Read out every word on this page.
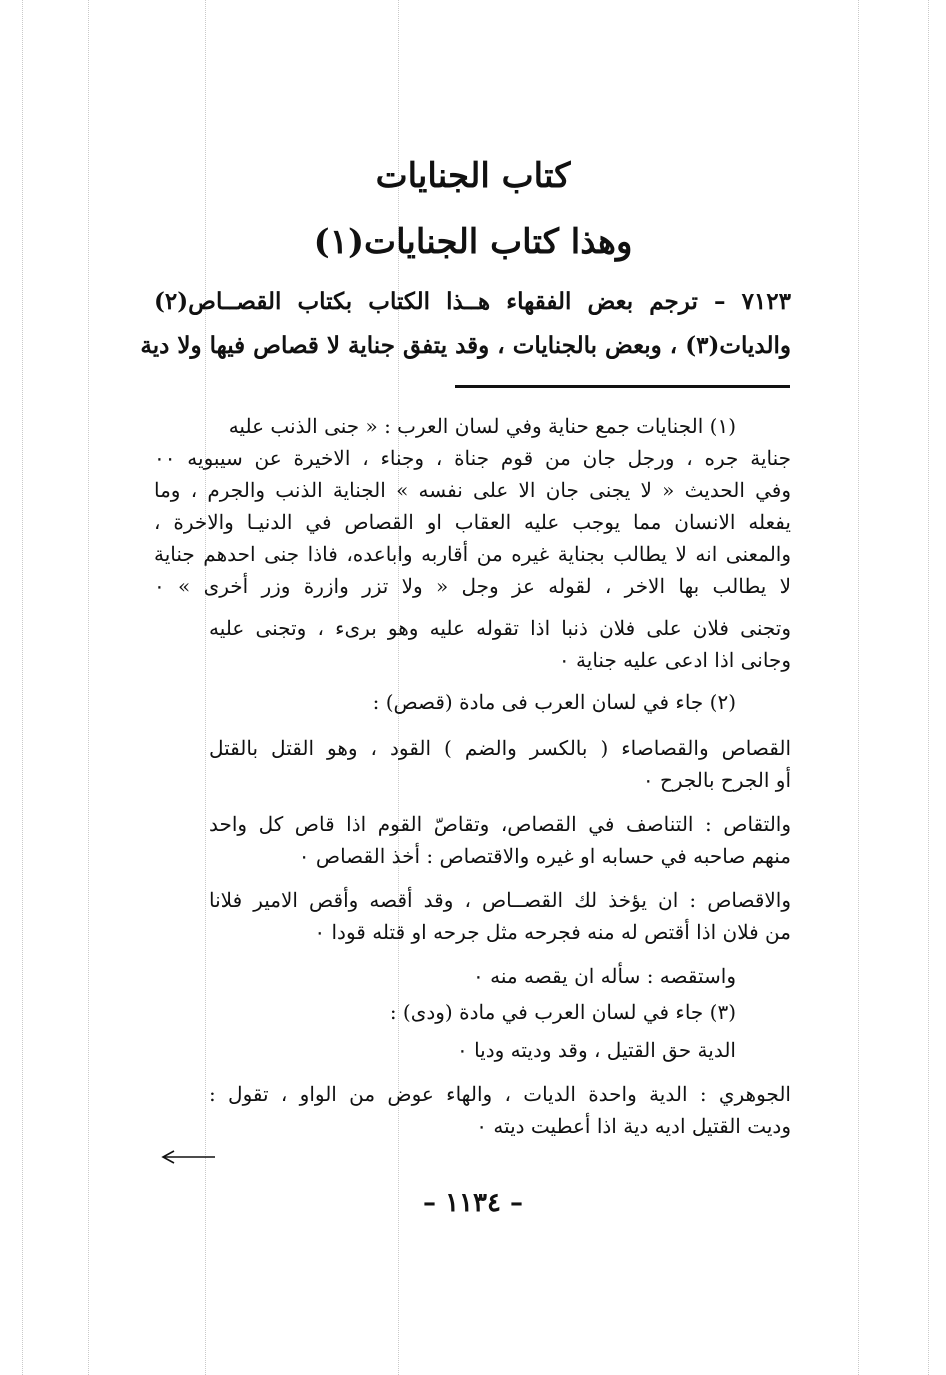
كتاب الجنايات
وهذا كتاب الجنايات(١)
٧١٢٣ – ترجم بعض الفقهاء هــذا الكتاب بكتاب القصــاص(٢)
والديات(٣) ، وبعض بالجنايات ، وقد يتفق جناية لا قصاص فيها ولا دية
(١) الجنايات جمع حناية وفي لسان العرب : « جنى الذنب عليه
جناية جره ، ورجل جان من قوم جناة ، وجناء ، الاخيرة عن سيبويه ٠٠
وفي الحديث « لا يجنى جان الا على نفسه » الجناية الذنب والجرم ، وما
يفعله الانسان مما يوجب عليه العقاب او القصاص في الدنيـا والاخرة ،
والمعنى انه لا يطالب بجناية غيره من أقاربه واباعده، فاذا جنى احدهم جناية
لا يطالب بها الاخر ، لقوله عز وجل « ولا تزر وازرة وزر أخرى » ٠
وتجنى فلان على فلان ذنبا اذا تقوله عليه وهو برىء ، وتجنى عليه
وجانى اذا ادعى عليه جناية ٠
(٢) جاء في لسان العرب فى مادة (قصص) :
القصاص والقصاصاء ( بالكسر والضم ) القود ، وهو القتل بالقتل
أو الجرح بالجرح ٠
والتقاص : التناصف في القصاص، وتقاصّ القوم اذا قاص كل واحد
منهم صاحبه في حسابه او غيره والاقتصاص : أخذ القصاص ٠
والاقصاص : ان يؤخذ لك القصــاص ، وقد أقصه وأقص الامير فلانا
من فلان اذا أقتص له منه فجرحه مثل جرحه او قتله قودا ٠
واستقصه : سأله ان يقصه منه ٠
(٣) جاء في لسان العرب في مادة (ودى) :
الدية حق القتيل ، وقد وديته وديا ٠
الجوهري : الدية واحدة الديات ، والهاء عوض من الواو ، تقول :
وديت القتيل اديه دية اذا أعطيت ديته ٠
– ١١٣٤ –
